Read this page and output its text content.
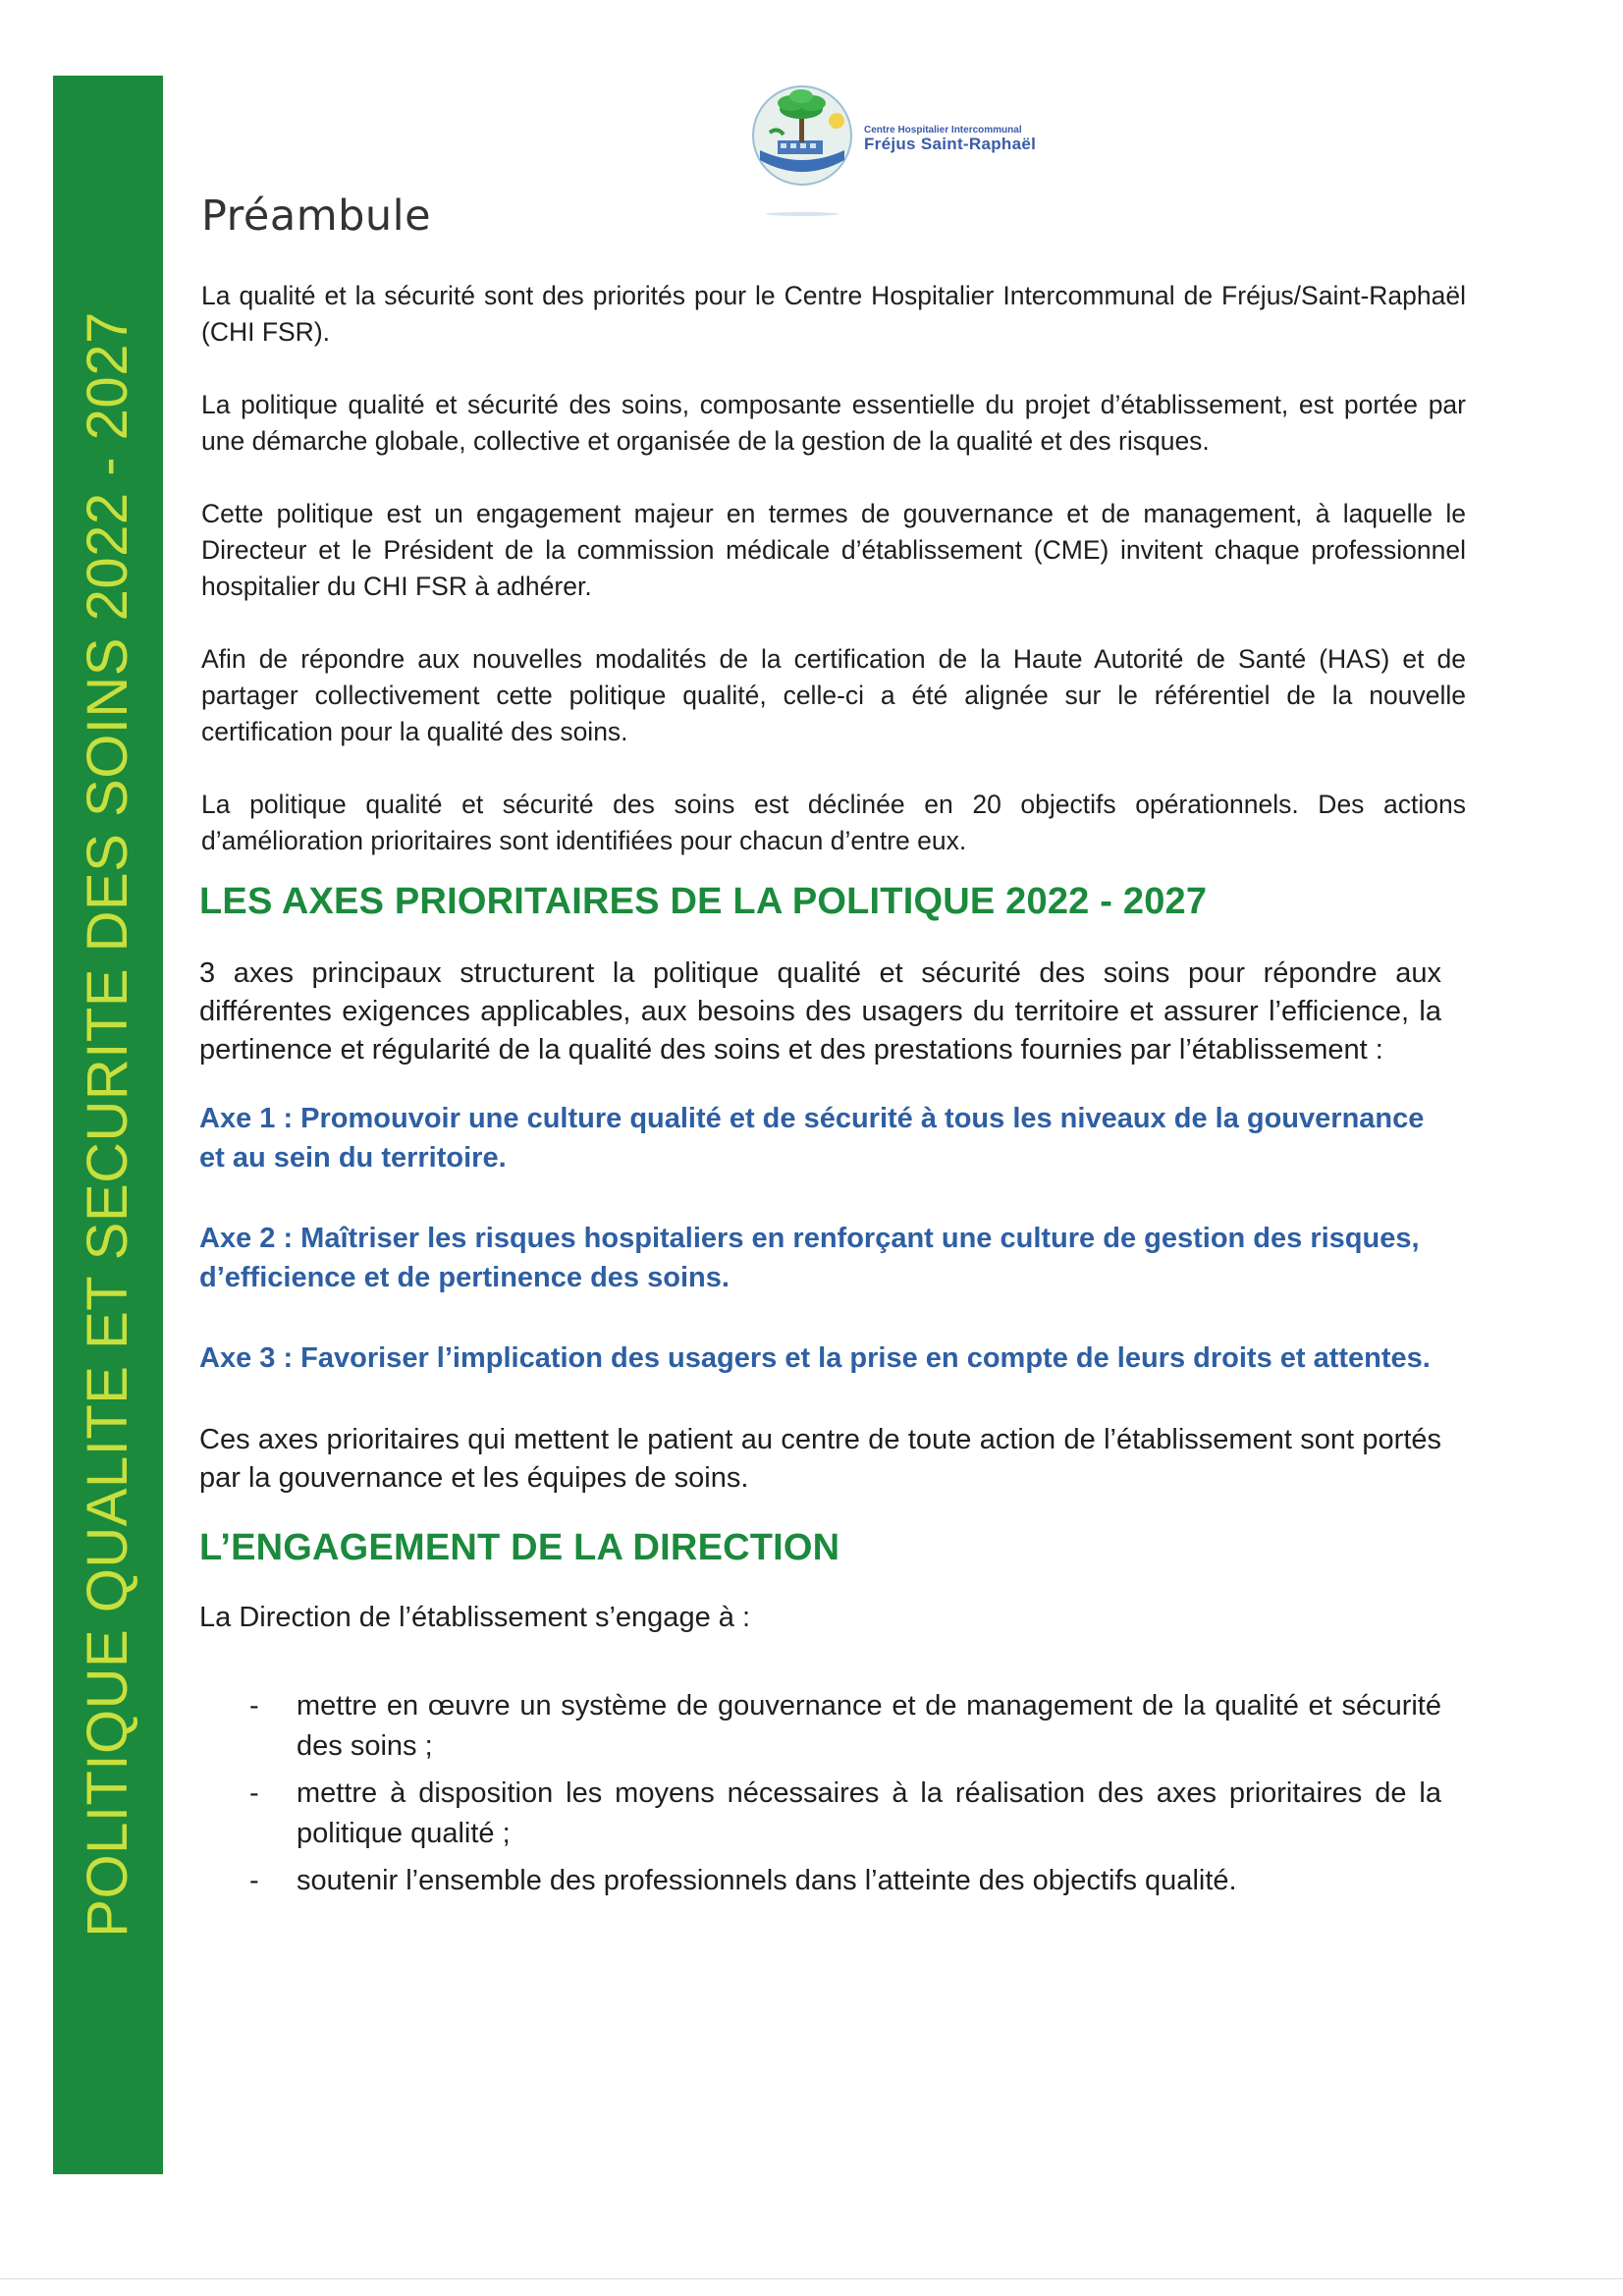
POLITIQUE QUALITE ET SECURITE DES SOINS 2022 - 2027
Centre Hospitalier Intercommunal
Fréjus Saint-Raphaël
Préambule

La qualité et la sécurité sont des priorités pour le Centre Hospitalier Intercommunal de Fréjus/Saint-Raphaël (CHI FSR).

La politique qualité et sécurité des soins, composante essentielle du projet d’établissement, est portée par une démarche globale, collective et organisée de la gestion de la qualité et des risques.

Cette politique est un engagement majeur en termes de gouvernance et de management, à laquelle le Directeur et le Président de la commission médicale d’établissement (CME) invitent chaque professionnel hospitalier du CHI FSR à adhérer.

Afin de répondre aux nouvelles modalités de la certification de la Haute Autorité de Santé (HAS) et de partager collectivement cette politique qualité, celle-ci a été alignée sur le référentiel de la nouvelle certification pour la qualité des soins.

La politique qualité et sécurité des soins est déclinée en 20 objectifs opérationnels. Des actions d’amélioration prioritaires sont identifiées pour chacun d’entre eux.

LES AXES PRIORITAIRES DE LA POLITIQUE 2022 - 2027

3 axes principaux structurent la politique qualité et sécurité des soins pour répondre aux différentes exigences applicables, aux besoins des usagers du territoire et assurer l’efficience, la pertinence et régularité de la qualité des soins et des prestations fournies par l’établissement :

Axe 1 : Promouvoir une culture qualité et de sécurité à tous les niveaux de la gouvernance et au sein du territoire.

Axe 2 : Maîtriser les risques hospitaliers en renforçant une culture de gestion des risques, d’efficience et de pertinence des soins.

Axe 3 : Favoriser l’implication des usagers et la prise en compte de leurs droits et attentes.

Ces axes prioritaires qui mettent le patient au centre de toute action de l’établissement sont portés par la gouvernance et les équipes de soins.

L’ENGAGEMENT DE LA DIRECTION

La Direction de l’établissement s’engage à :

- mettre en œuvre un système de gouvernance et de management de la qualité et sécurité des soins ;
- mettre à disposition les moyens nécessaires à la réalisation des axes prioritaires de la politique qualité ;
- soutenir l’ensemble des professionnels dans l’atteinte des objectifs qualité.
